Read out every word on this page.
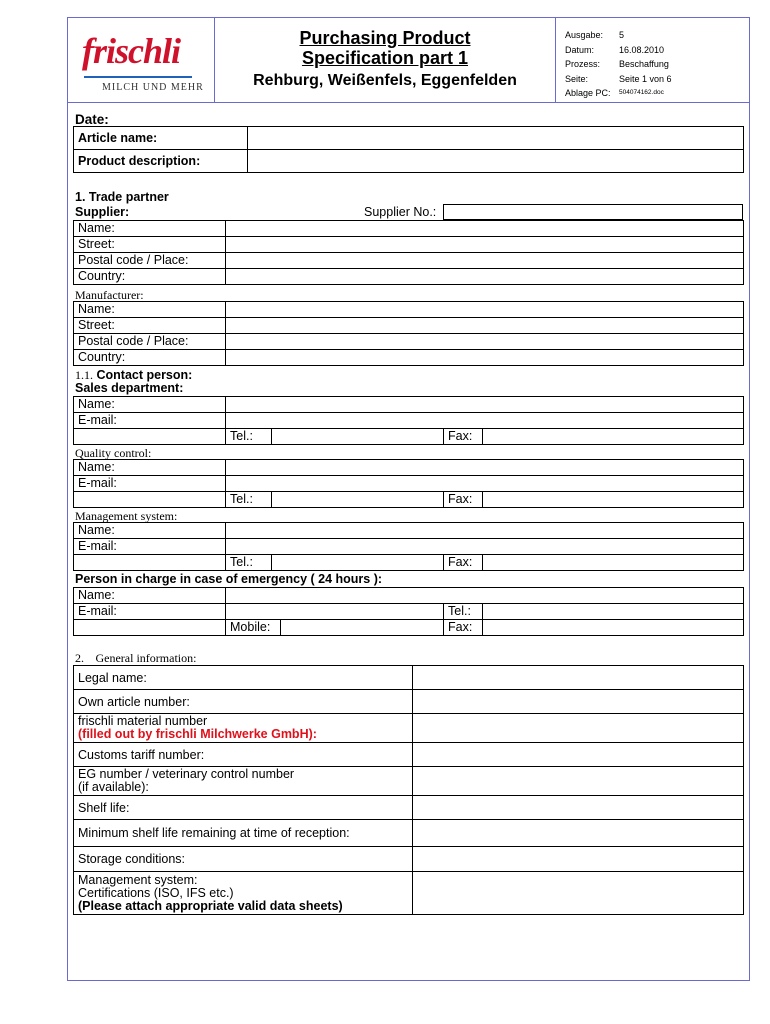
frischli
MILCH UND MEHR
Purchasing Product
Specification part 1
Rehburg, Weißenfels, Eggenfelden
Ausgabe:	5
Datum:	16.08.2010
Prozess:	Beschaffung
Seite:	Seite 1 von 6
Ablage PC:	504074162.doc
Date:
Article name:	
Product description:	
1. Trade partner
Supplier:	Supplier No.:
Name:	
Street:	
Postal code / Place:	
Country:	
Manufacturer:
Name:	
Street:	
Postal code / Place:	
Country:	
1.1. Contact person:
Sales department:
Name:				
E-mail:				
	Tel.:		Fax:	
Quality control:
Name:				
E-mail:				
	Tel.:		Fax:	
Management system:
Name:				
E-mail:				
	Tel.:		Fax:	
Person in charge in case of emergency ( 24 hours ):
Name:				
E-mail:			Tel.:	
	Mobile:		Fax:	
2. General information:
Legal name:	
Own article number:	
frischli material number
(filled out by frischli Milchwerke GmbH):	
Customs tariff number:	
EG number / veterinary control number
(if available):	
Shelf life:	
Minimum shelf life remaining at time of reception:	
Storage conditions:	
Management system:
Certifications (ISO, IFS etc.)
(Please attach appropriate valid data sheets)	
